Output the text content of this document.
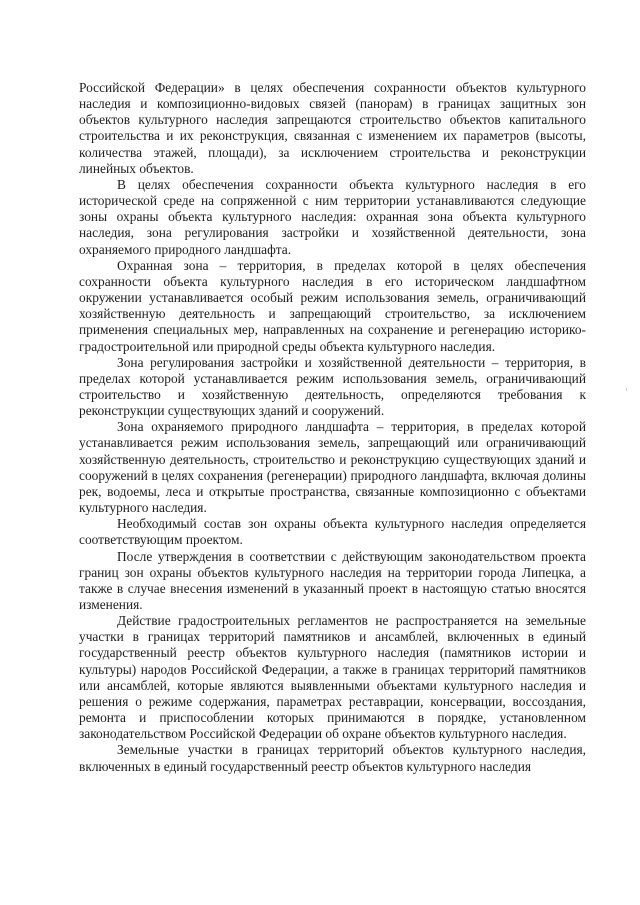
Российской Федерации» в целях обеспечения сохранности объектов культурного наследия и композиционно-видовых связей (панорам) в границах защитных зон объектов культурного наследия запрещаются строительство объектов капитального строительства и их реконструкция, связанная с изменением их параметров (высоты, количества этажей, площади), за исключением строительства и реконструкции линейных объектов.

В целях обеспечения сохранности объекта культурного наследия в его исторической среде на сопряженной с ним территории устанавливаются следующие зоны охраны объекта культурного наследия: охранная зона объекта культурного наследия, зона регулирования застройки и хозяйственной деятельности, зона охраняемого природного ландшафта.

Охранная зона – территория, в пределах которой в целях обеспечения сохранности объекта культурного наследия в его историческом ландшафтном окружении устанавливается особый режим использования земель, ограничивающий хозяйственную деятельность и запрещающий строительство, за исключением применения специальных мер, направленных на сохранение и регенерацию историко-градостроительной или природной среды объекта культурного наследия.

Зона регулирования застройки и хозяйственной деятельности – территория, в пределах которой устанавливается режим использования земель, ограничивающий строительство и хозяйственную деятельность, определяются требования к реконструкции существующих зданий и сооружений.

Зона охраняемого природного ландшафта – территория, в пределах которой устанавливается режим использования земель, запрещающий или ограничивающий хозяйственную деятельность, строительство и реконструкцию существующих зданий и сооружений в целях сохранения (регенерации) природного ландшафта, включая долины рек, водоемы, леса и открытые пространства, связанные композиционно с объектами культурного наследия.

Необходимый состав зон охраны объекта культурного наследия определяется соответствующим проектом.

После утверждения в соответствии с действующим законодательством проекта границ зон охраны объектов культурного наследия на территории города Липецка, а также в случае внесения изменений в указанный проект в настоящую статью вносятся изменения.

Действие градостроительных регламентов не распространяется на земельные участки в границах территорий памятников и ансамблей, включенных в единый государственный реестр объектов культурного наследия (памятников истории и культуры) народов Российской Федерации, а также в границах территорий памятников или ансамблей, которые являются выявленными объектами культурного наследия и решения о режиме содержания, параметрах реставрации, консервации, воссоздания, ремонта и приспособлении которых принимаются в порядке, установленном законодательством Российской Федерации об охране объектов культурного наследия.

Земельные участки в границах территорий объектов культурного наследия, включенных в единый государственный реестр объектов культурного наследия
